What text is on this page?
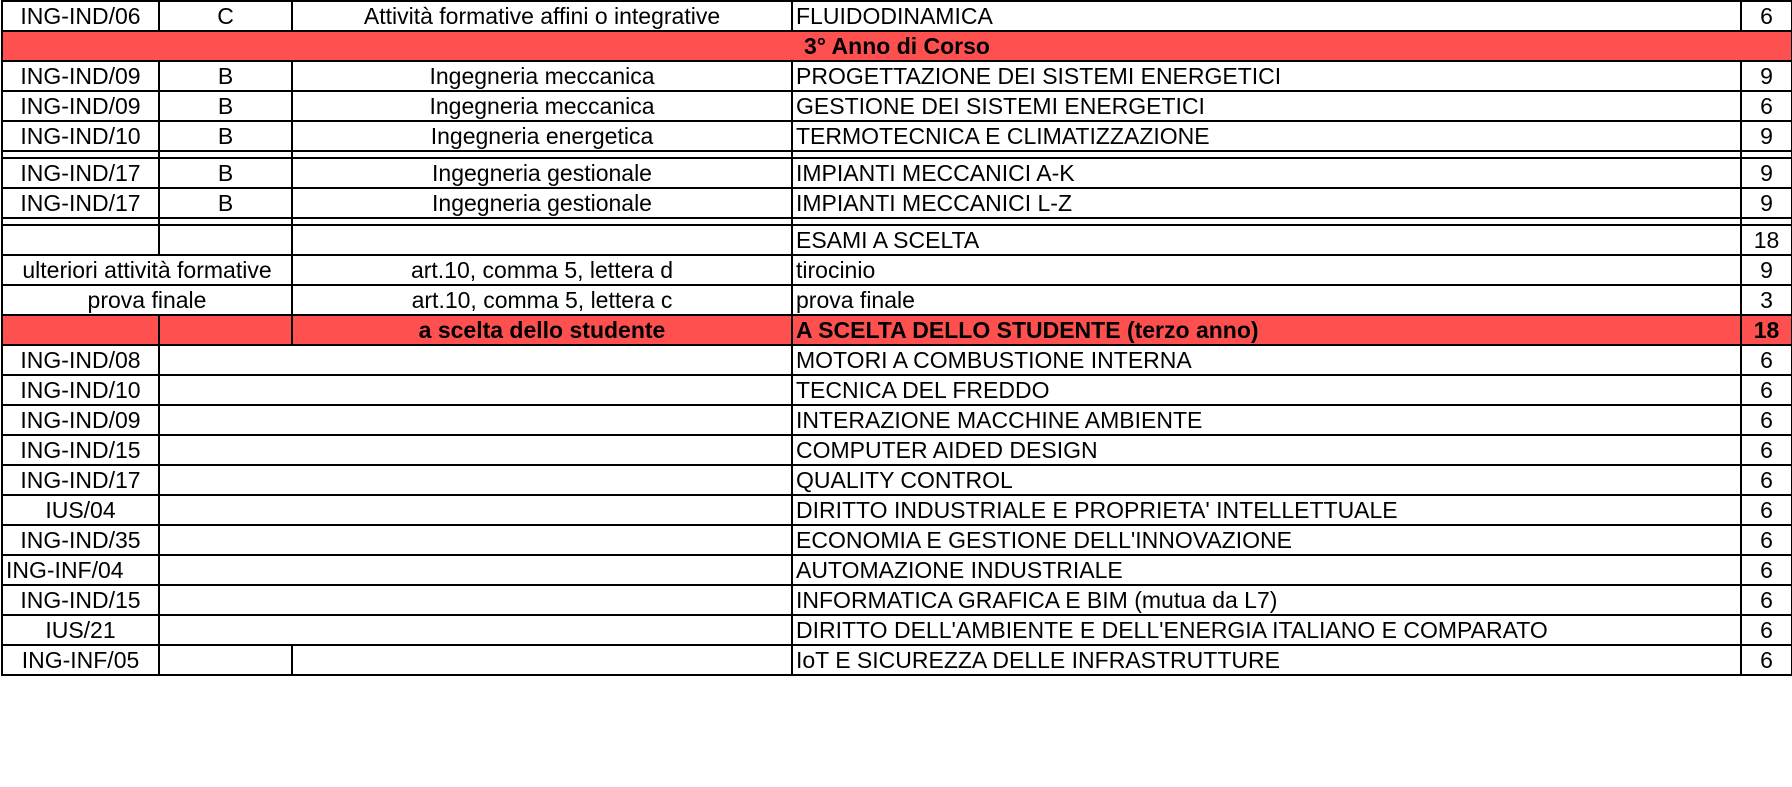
ING-IND/06	C	Attività formative affini o integrative	FLUIDODINAMICA	6
3° Anno di Corso				
ING-IND/09	B	Ingegneria meccanica	PROGETTAZIONE DEI SISTEMI ENERGETICI	9
ING-IND/09	B	Ingegneria meccanica	GESTIONE DEI SISTEMI ENERGETICI	6
ING-IND/10	B	Ingegneria energetica	TERMOTECNICA E CLIMATIZZAZIONE	9

ING-IND/17	B	Ingegneria gestionale	IMPIANTI MECCANICI A-K	9
ING-IND/17	B	Ingegneria gestionale	IMPIANTI MECCANICI L-Z	9

			ESAMI A SCELTA	18
ulteriori attività formative		art.10, comma 5, lettera d	tirocinio	9
prova finale		art.10, comma 5, lettera c	prova finale	3
		a scelta dello studente	A SCELTA DELLO STUDENTE (terzo anno)	18
ING-IND/08			MOTORI A COMBUSTIONE INTERNA	6
ING-IND/10			TECNICA DEL FREDDO	6
ING-IND/09			INTERAZIONE MACCHINE AMBIENTE	6
ING-IND/15			COMPUTER AIDED DESIGN	6
ING-IND/17			QUALITY CONTROL	6
IUS/04			DIRITTO INDUSTRIALE E PROPRIETA' INTELLETTUALE	6
ING-IND/35			ECONOMIA E GESTIONE DELL'INNOVAZIONE	6
ING-INF/04			AUTOMAZIONE INDUSTRIALE	6
ING-IND/15			INFORMATICA GRAFICA E BIM (mutua da L7)	6
IUS/21			DIRITTO DELL'AMBIENTE E DELL'ENERGIA ITALIANO E COMPARATO	6
ING-INF/05			IoT E SICUREZZA DELLE INFRASTRUTTURE	6
